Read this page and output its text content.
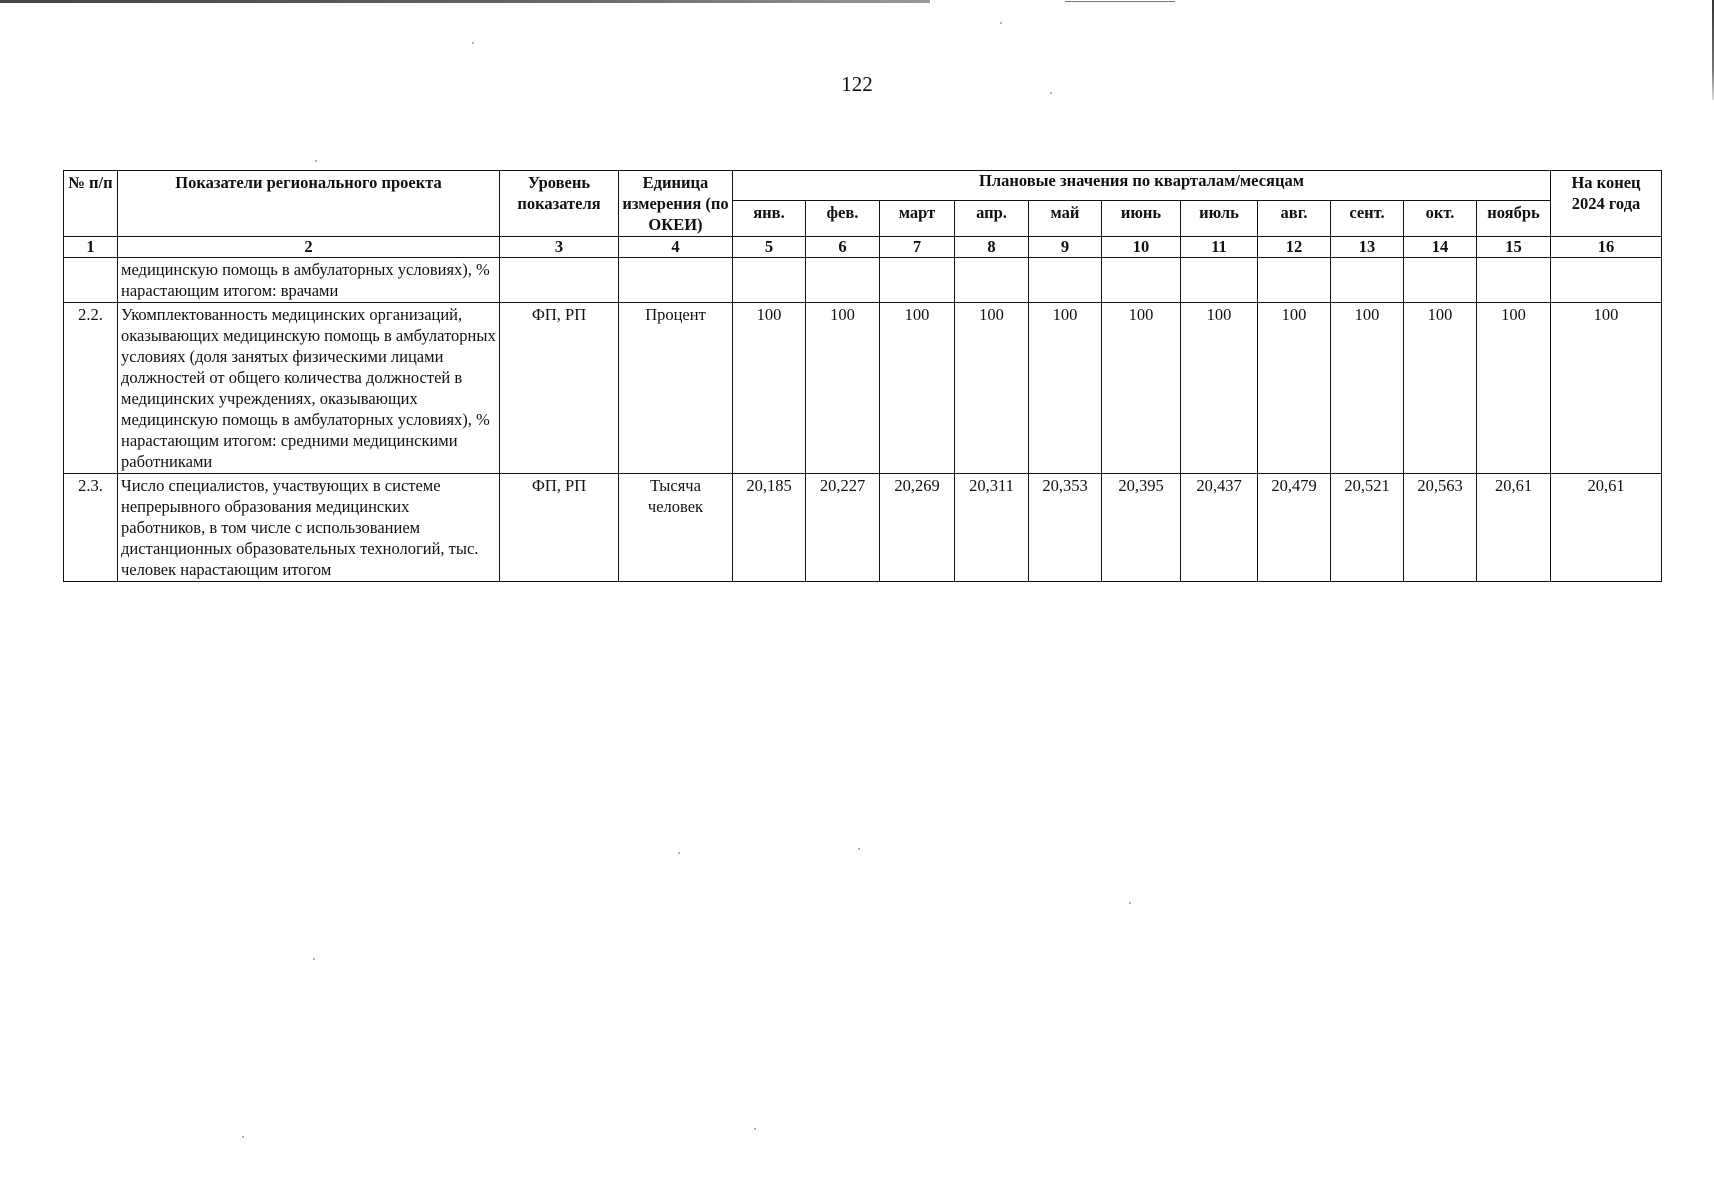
122
№ п/п	Показатели регионального проекта	Уровень показателя	Единица измерения (по ОКЕИ)	Плановые значения по кварталам/месяцам											На конец 2024 года
				янв.	фев.	март	апр.	май	июнь	июль	авг.	сент.	окт.	ноябрь	
1	2	3	4	5	6	7	8	9	10	11	12	13	14	15	16
	медицинскую помощь в амбулаторных условиях), % нарастающим итогом: врачами														
2.2.	Укомплектованность медицинских организаций, оказывающих медицинскую помощь в амбулаторных условиях (доля занятых физическими лицами должностей от общего количества должностей в медицинских учреждениях, оказывающих медицинскую помощь в амбулаторных условиях), % нарастающим итогом: средними медицинскими работниками	ФП, РП	Процент	100	100	100	100	100	100	100	100	100	100	100	100
2.3.	Число специалистов, участвующих в системе непрерывного образования медицинских работников, в том числе с использованием дистанционных образовательных технологий, тыс. человек нарастающим итогом	ФП, РП	Тысяча человек	20,185	20,227	20,269	20,311	20,353	20,395	20,437	20,479	20,521	20,563	20,61	20,61
